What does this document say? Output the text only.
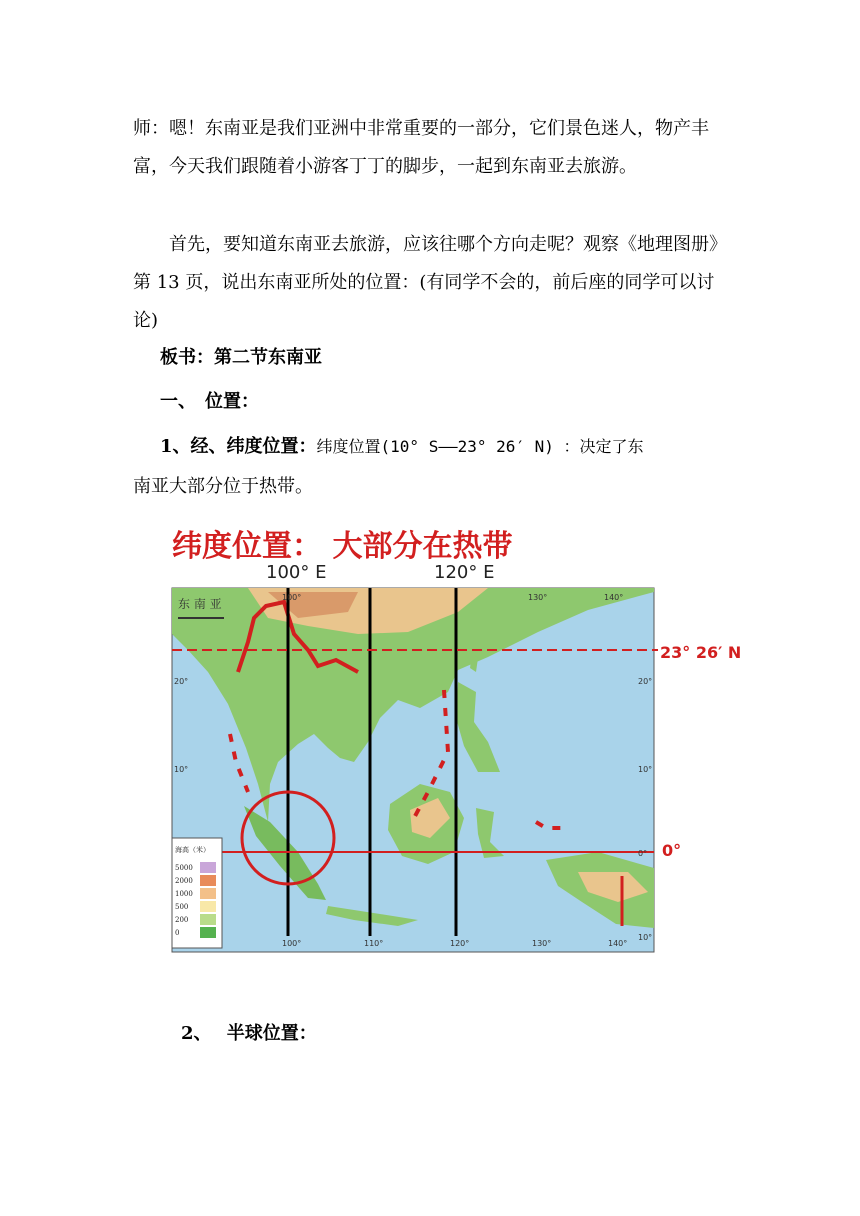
师：嗯！东南亚是我们亚洲中非常重要的一部分，它们景色迷人，物产丰富，今天我们跟随着小游客丁丁的脚步，一起到东南亚去旅游。
首先，要知道东南亚去旅游，应该往哪个方向走呢？观察《地理图册》第 13 页，说出东南亚所处的位置：(有同学不会的，前后座的同学可以讨论)
板书：第二节东南亚
一、　位置：
1、经、纬度位置：纬度位置(10° S——23° 26′ N) ：决定了东
南亚大部分位于热带。
纬度位置： 大部分在热带
100° E	120° E
23° 26′ N
0°
东 南 亚	100°	130°	140°
100°	110°	120°	130°	140°
20°	20°
10°	10°
0°
10°
海高（米）
5000
2000
1000
500
200
0
2、　 半球位置：
